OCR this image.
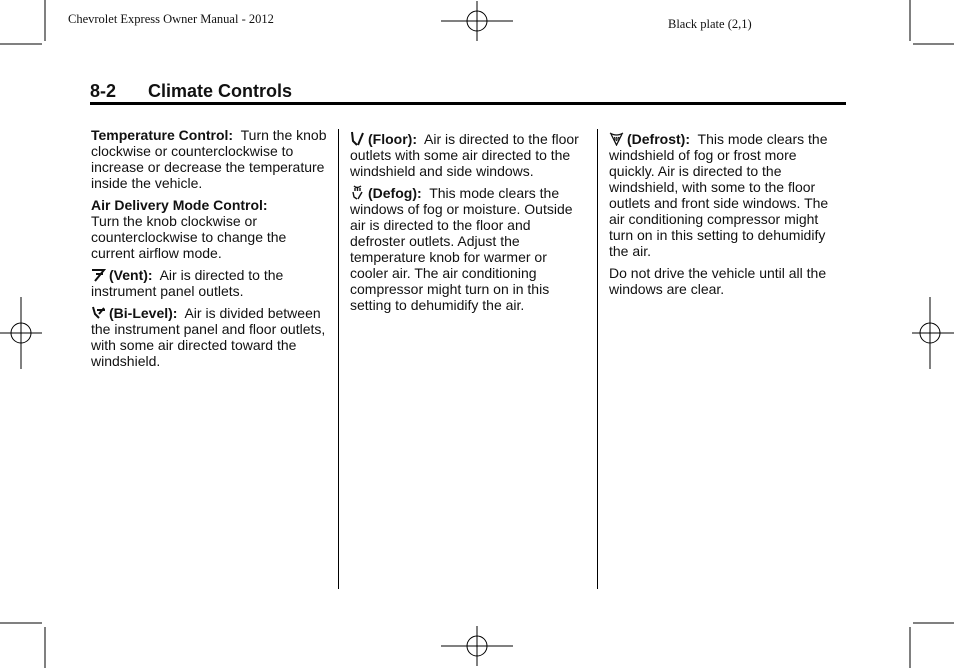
Chevrolet Express Owner Manual - 2012	Black plate (2,1)
8-2 Climate Controls

Temperature Control: Turn the knob clockwise or counterclockwise to increase or decrease the temperature inside the vehicle.

Air Delivery Mode Control:
Turn the knob clockwise or counterclockwise to change the current airflow mode.

(Vent): Air is directed to the instrument panel outlets.

(Bi-Level): Air is divided between the instrument panel and floor outlets, with some air directed toward the windshield.

(Floor): Air is directed to the floor outlets with some air directed to the windshield and side windows.

(Defog): This mode clears the windows of fog or moisture. Outside air is directed to the floor and defroster outlets. Adjust the temperature knob for warmer or cooler air. The air conditioning compressor might turn on in this setting to dehumidify the air.

(Defrost): This mode clears the windshield of fog or frost more quickly. Air is directed to the windshield, with some to the floor outlets and front side windows. The air conditioning compressor might turn on in this setting to dehumidify the air.

Do not drive the vehicle until all the windows are clear.
